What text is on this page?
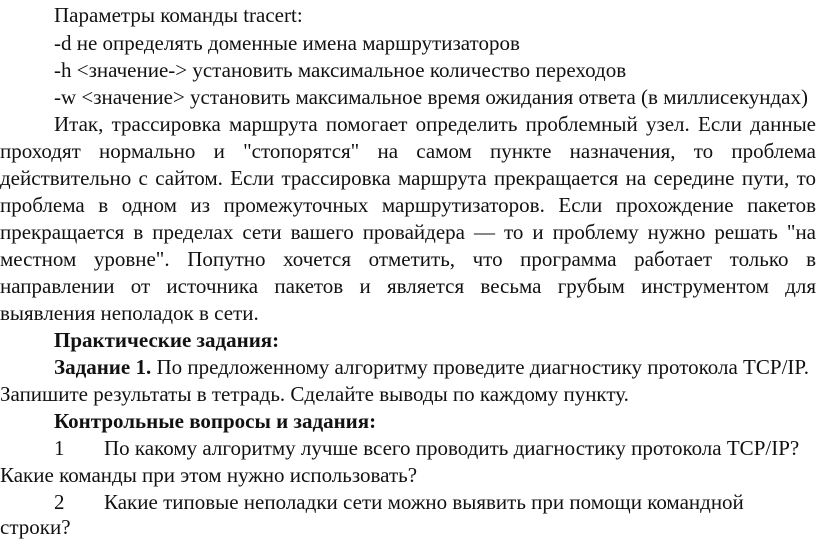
Параметры команды tracert:
-d не определять доменные имена маршрутизаторов
-h <значение-> установить максимальное количество переходов
-w <значение> установить максимальное время ожидания ответа (в миллисекундах)
Итак, трассировка маршрута помогает определить проблемный узел. Если данные
проходят нормально и "стопорятся" на самом пункте назначения, то проблема
действительно с сайтом. Если трассировка маршрута прекращается на середине пути, то
проблема в одном из промежуточных маршрутизаторов. Если прохождение пакетов
прекращается в пределах сети вашего провайдера — то и проблему нужно решать "на
местном уровне". Попутно хочется отметить, что программа работает только в
направлении от источника пакетов и является весьма грубым инструментом для
выявления неполадок в сети.
Практические задания:
Задание 1. По предложенному алгоритму проведите диагностику протокола TCP/IP.
Запишите результаты в тетрадь. Сделайте выводы по каждому пункту.
Контрольные вопросы и задания:
1 По какому алгоритму лучше всего проводить диагностику протокола TCP/IP?
Какие команды при этом нужно использовать?
2 Какие типовые неполадки сети можно выявить при помощи командной
строки?
